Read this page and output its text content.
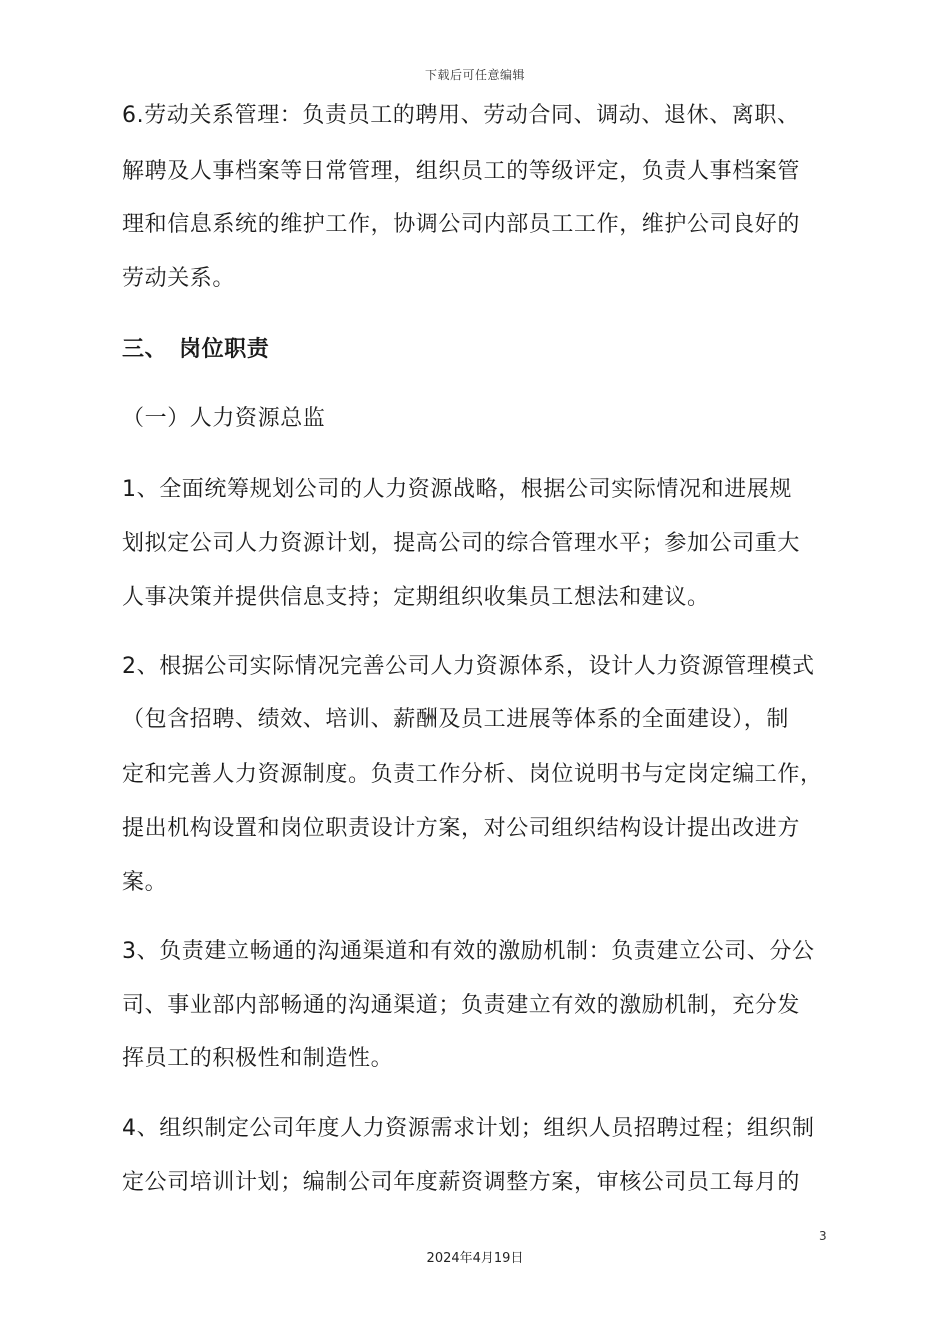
下载后可任意编辑
6.劳动关系管理：负责员工的聘用、劳动合同、调动、退休、离职、
解聘及人事档案等日常管理，组织员工的等级评定，负责人事档案管
理和信息系统的维护工作，协调公司内部员工工作，维护公司良好的
劳动关系。
三、 岗位职责
（一）人力资源总监
1、全面统筹规划公司的人力资源战略，根据公司实际情况和进展规
划拟定公司人力资源计划，提高公司的综合管理水平；参加公司重大
人事决策并提供信息支持；定期组织收集员工想法和建议。
2、根据公司实际情况完善公司人力资源体系，设计人力资源管理模式
（包含招聘、绩效、培训、薪酬及员工进展等体系的全面建设），制
定和完善人力资源制度。负责工作分析、岗位说明书与定岗定编工作，
提出机构设置和岗位职责设计方案，对公司组织结构设计提出改进方
案。
3、负责建立畅通的沟通渠道和有效的激励机制：负责建立公司、分公
司、事业部内部畅通的沟通渠道；负责建立有效的激励机制，充分发
挥员工的积极性和制造性。
4、组织制定公司年度人力资源需求计划；组织人员招聘过程；组织制
定公司培训计划；编制公司年度薪资调整方案，审核公司员工每月的
3
2024年4月19日
